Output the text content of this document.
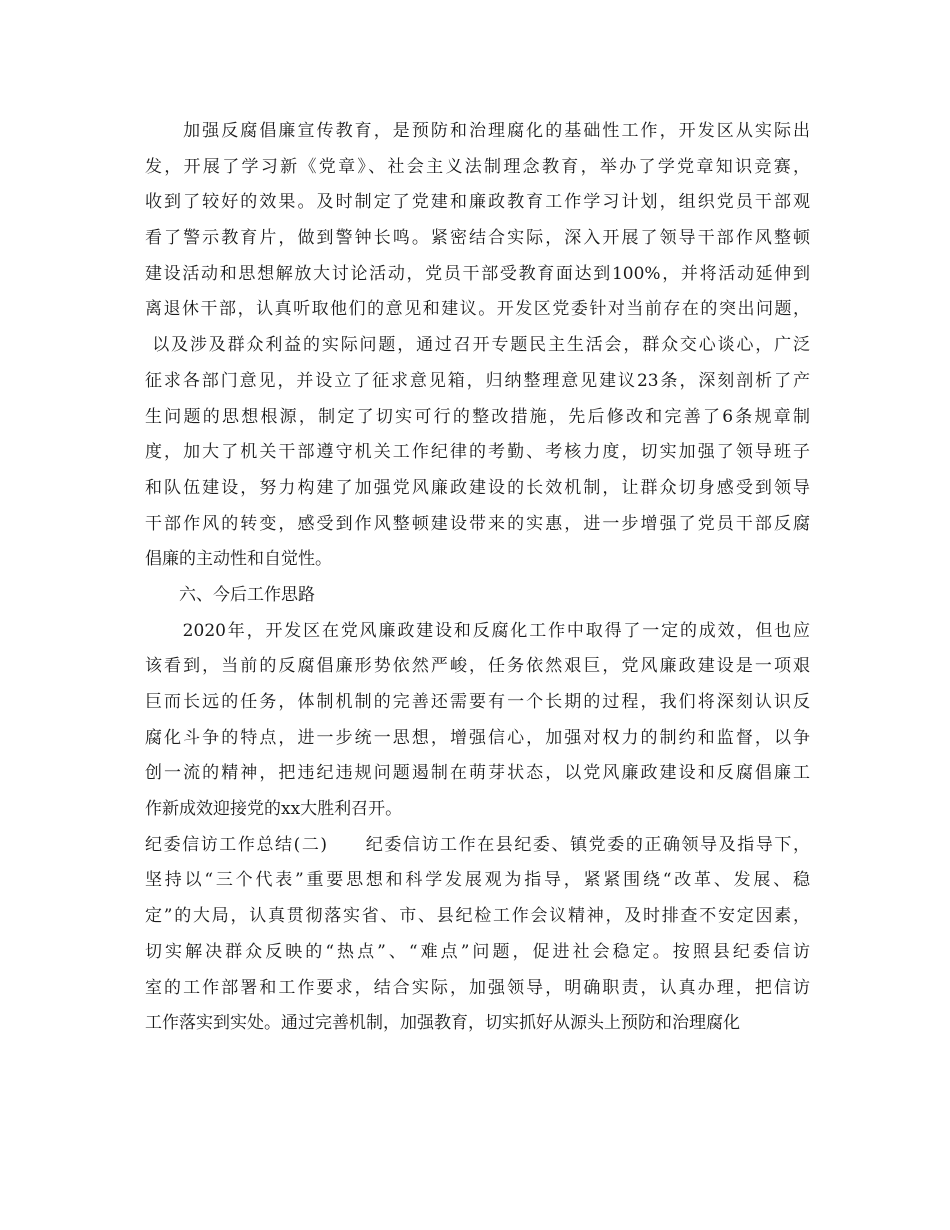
　　加强反腐倡廉宣传教育，是预防和治理腐化的基础性工作，开发区从实际出
发，开展了学习新《党章》、社会主义法制理念教育，举办了学党章知识竞赛，
收到了较好的效果。及时制定了党建和廉政教育工作学习计划，组织党员干部观
看了警示教育片，做到警钟长鸣。紧密结合实际，深入开展了领导干部作风整顿
建设活动和思想解放大讨论活动，党员干部受教育面达到100%，并将活动延伸到
离退休干部，认真听取他们的意见和建议。开发区党委针对当前存在的突出问题，
以及涉及群众利益的实际问题，通过召开专题民主生活会，群众交心谈心，广泛
征求各部门意见，并设立了征求意见箱，归纳整理意见建议23条，深刻剖析了产
生问题的思想根源，制定了切实可行的整改措施，先后修改和完善了6条规章制
度，加大了机关干部遵守机关工作纪律的考勤、考核力度，切实加强了领导班子
和队伍建设，努力构建了加强党风廉政建设的长效机制，让群众切身感受到领导
干部作风的转变，感受到作风整顿建设带来的实惠，进一步增强了党员干部反腐
倡廉的主动性和自觉性。
　　六、今后工作思路
　　2020年，开发区在党风廉政建设和反腐化工作中取得了一定的成效，但也应
该看到，当前的反腐倡廉形势依然严峻，任务依然艰巨，党风廉政建设是一项艰
巨而长远的任务，体制机制的完善还需要有一个长期的过程，我们将深刻认识反
腐化斗争的特点，进一步统一思想，增强信心，加强对权力的制约和监督，以争
创一流的精神，把违纪违规问题遏制在萌芽状态，以党风廉政建设和反腐倡廉工
作新成效迎接党的xx大胜利召开。
纪委信访工作总结(二)　　纪委信访工作在县纪委、镇党委的正确领导及指导下，
坚持以“三个代表”重要思想和科学发展观为指导，紧紧围绕“改革、发展、稳
定”的大局，认真贯彻落实省、市、县纪检工作会议精神，及时排查不安定因素，
切实解决群众反映的“热点”、“难点”问题，促进社会稳定。按照县纪委信访
室的工作部署和工作要求，结合实际，加强领导，明确职责，认真办理，把信访
工作落实到实处。通过完善机制，加强教育，切实抓好从源头上预防和治理腐化
